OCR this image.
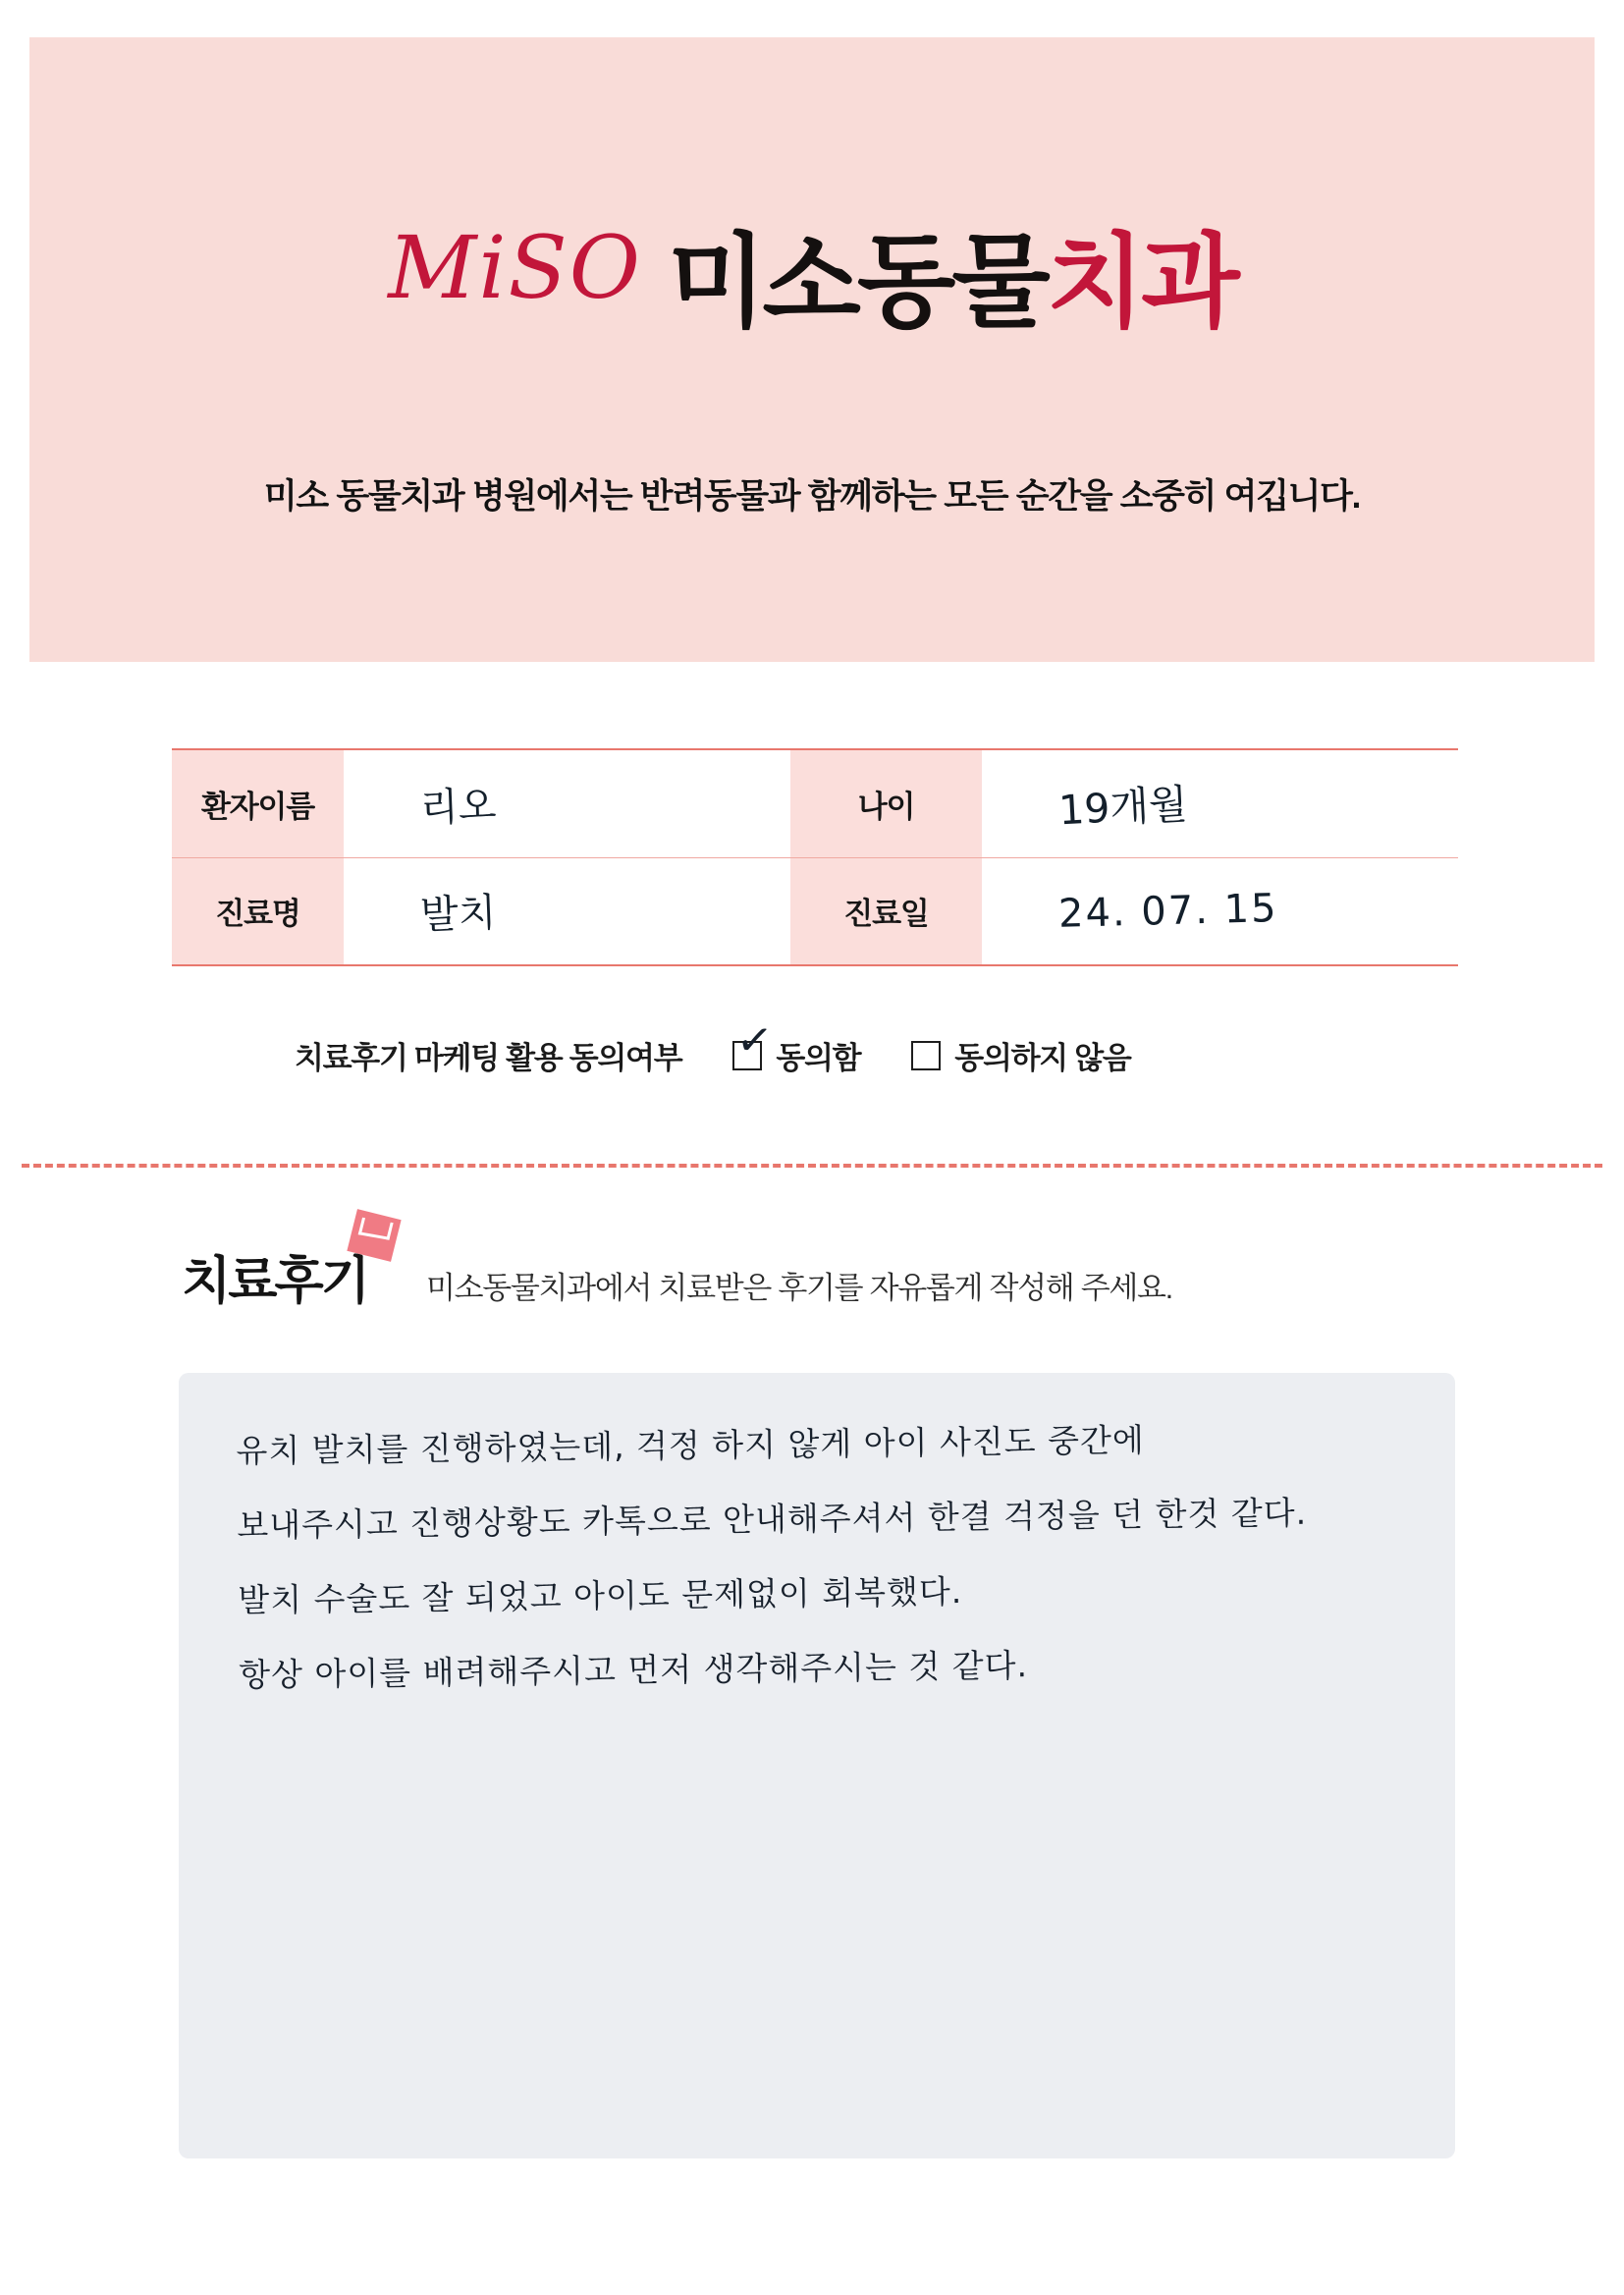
MiSO 미소동물치과
미소 동물치과 병원에서는 반려동물과 함께하는 모든 순간을 소중히 여깁니다.
환자이름	리오	나이	19개월
진료명	발치	진료일	24. 07. 15
치료후기 마케팅 활용 동의여부 ✓ 동의함	동의하지 않음
치료후기 미소동물치과에서 치료받은 후기를 자유롭게 작성해 주세요.
유치 발치를 진행하였는데, 걱정 하지 않게 아이 사진도 중간에
보내주시고 진행상황도 카톡으로 안내해주셔서 한결 걱정을 던 한것 같다.
발치 수술도 잘 되었고 아이도 문제없이 회복했다.
항상 아이를 배려해주시고 먼저 생각해주시는 것 같다.
